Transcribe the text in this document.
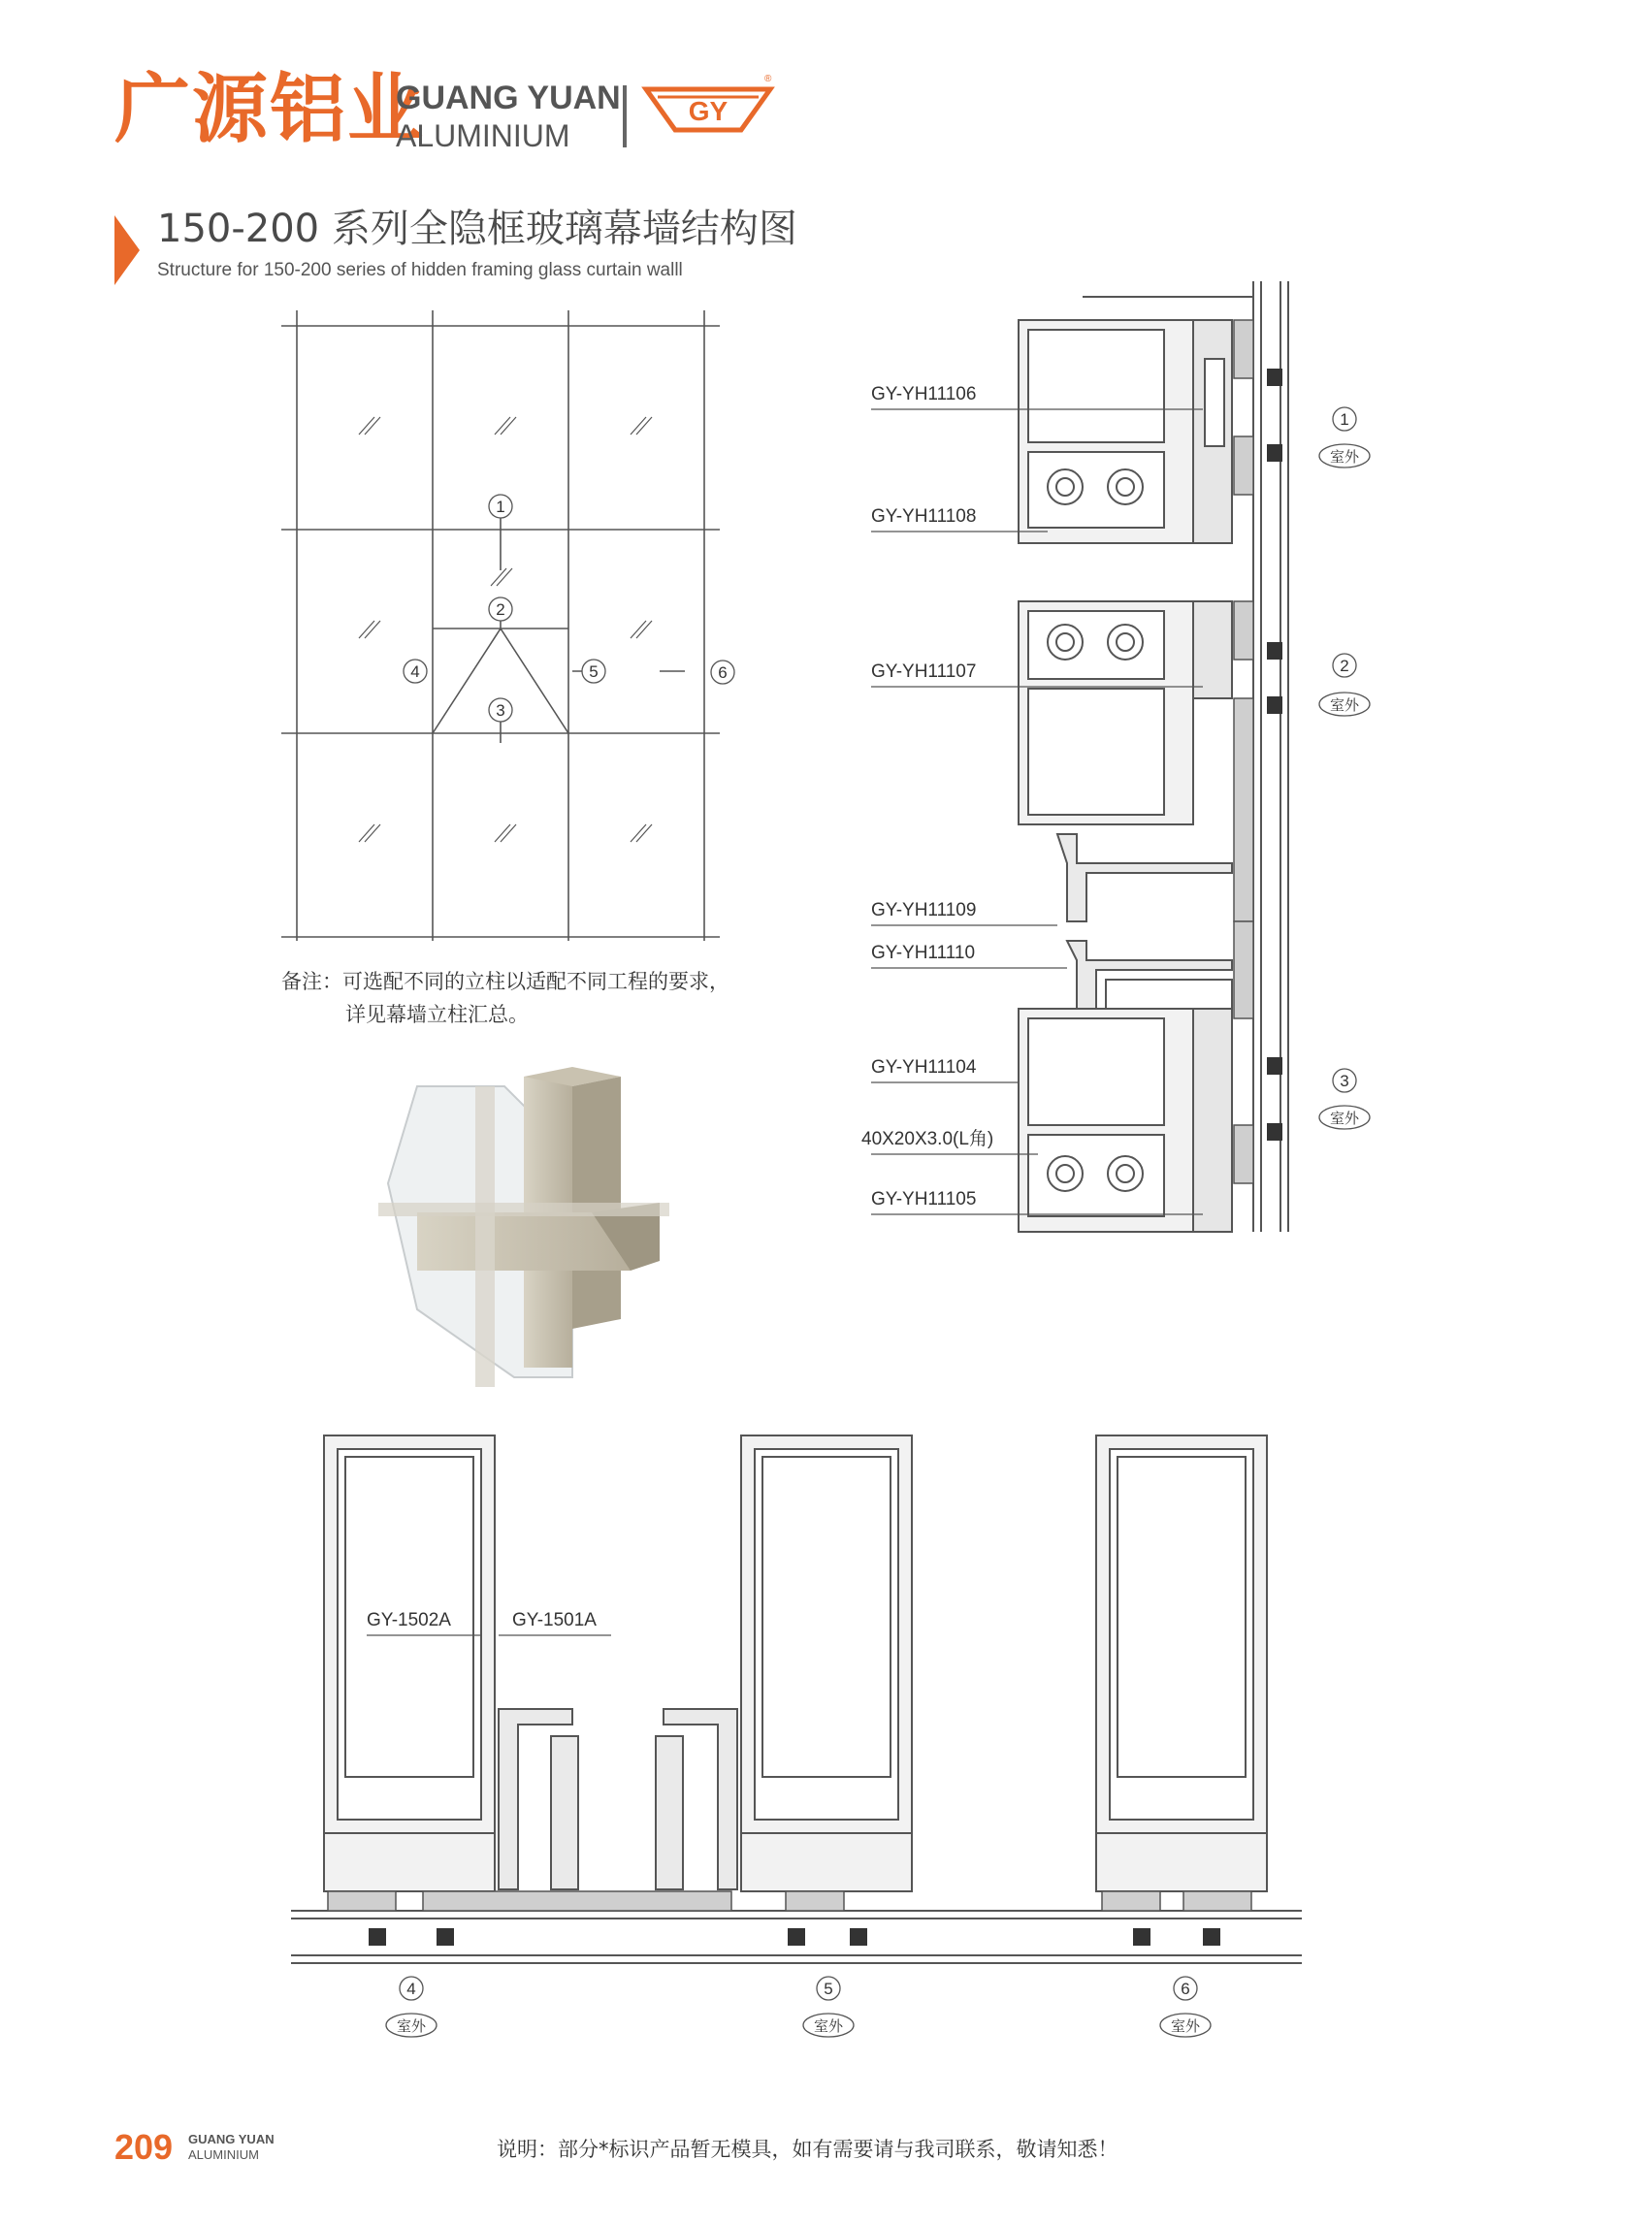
广源铝业
GUANG YUAN
ALUMINIUM
GY
®
150-200 系列全隐框玻璃幕墙结构图
Structure for 150-200 series of hidden framing glass curtain walll
1
2
3
4	5	6
备注：可选配不同的立柱以适配不同工程的要求，
详见幕墙立柱汇总。
GY-YH11106
GY-YH11108
GY-YH11107
GY-YH11109
GY-YH11110
GY-YH11104
40X20X3.0(L角)
GY-YH11105
1
室外
2
室外
3
室外
GY-1502A	GY-1501A
4
室外
5
室外
6
室外
209 GUANG YUAN
ALUMINIUM	说明：部分*标识产品暂无模具，如有需要请与我司联系，敬请知悉！
